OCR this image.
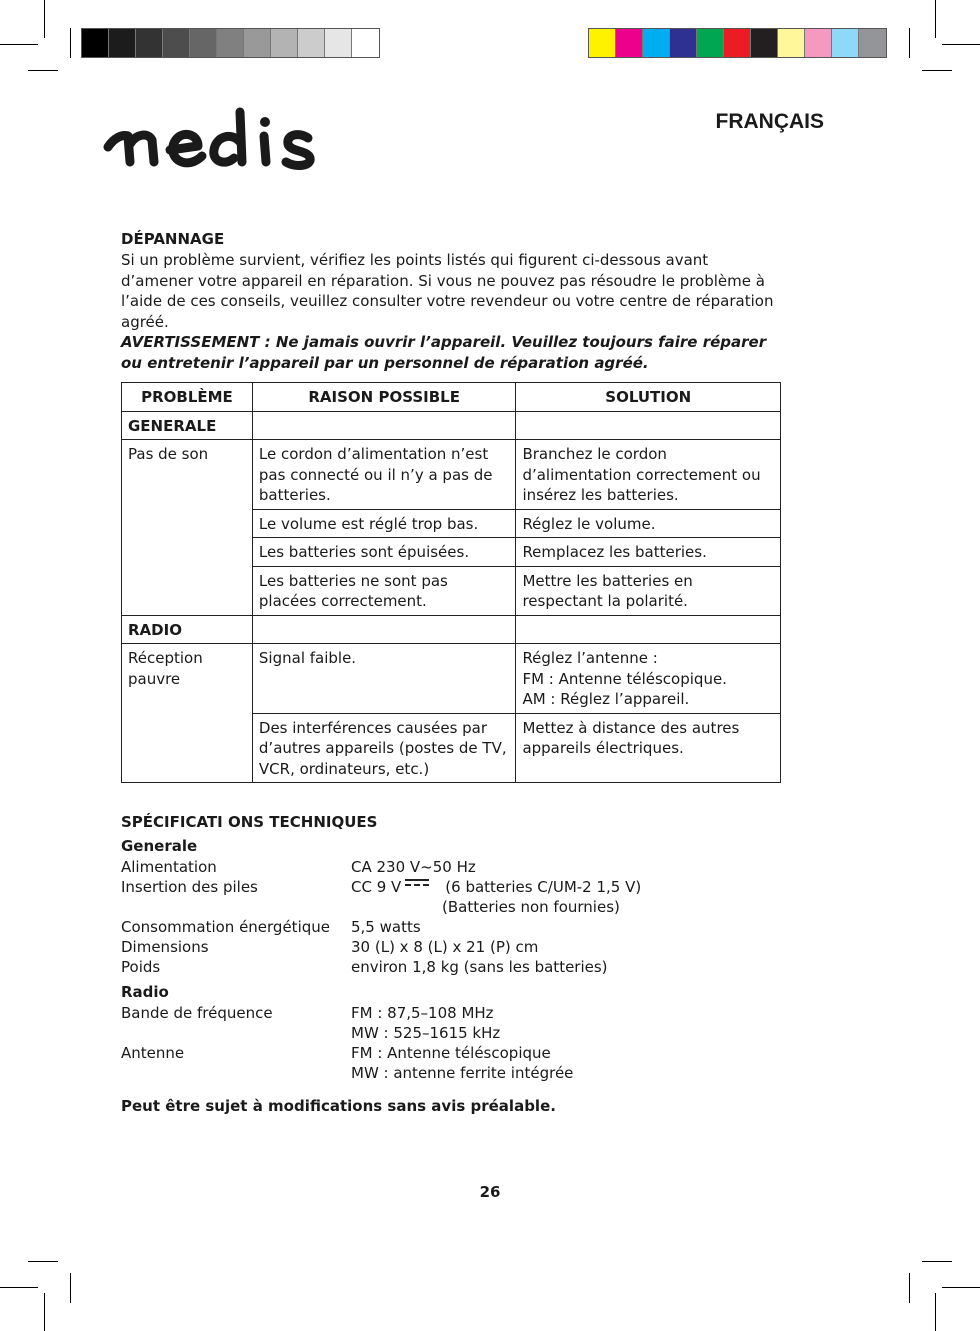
FRANÇAIS
DÉPANNAGE

Si un problème survient, vérifiez les points listés qui figurent ci-dessous avant d’amener votre appareil en réparation. Si vous ne pouvez pas résoudre le problème à l’aide de ces conseils, veuillez consulter votre revendeur ou votre centre de réparation agréé.

AVERTISSEMENT : Ne jamais ouvrir l’appareil. Veuillez toujours faire réparer ou entretenir l’appareil par un personnel de réparation agréé.

PROBLÈME	RAISON POSSIBLE	SOLUTION
GENERALE		
Pas de son	Le cordon d’alimentation n’est pas connecté ou il n’y a pas de batteries.	Branchez le cordon d’alimentation correctement ou insérez les batteries.
	Le volume est réglé trop bas.	Réglez le volume.
	Les batteries sont épuisées.	Remplacez les batteries.
	Les batteries ne sont pas placées correctement.	Mettre les batteries en respectant la polarité.
RADIO		
Réception pauvre	Signal faible.	Réglez l’antenne :
FM : Antenne téléscopique.
AM : Réglez l’appareil.

	Des interférences causées par d’autres appareils (postes de TV, VCR, ordinateurs, etc.)	Mettez à distance des autres appareils électriques.
SPÉCIFICATI ONS TECHNIQUES
Generale
Alimentation	CA 230 V~50 Hz
Insertion des piles	CC 9 V	(6 batteries C/UM-2 1,5 V)
(Batteries non fournies)
Consommation énergétique	5,5 watts
Dimensions	30 (L) x 8 (L) x 21 (P) cm
Poids	environ 1,8 kg (sans les batteries)
Radio
Bande de fréquence	FM : 87,5–108 MHz
MW : 525–1615 kHz
Antenne	FM : Antenne téléscopique
MW : antenne ferrite intégrée
Peut être sujet à modifications sans avis préalable.
26
